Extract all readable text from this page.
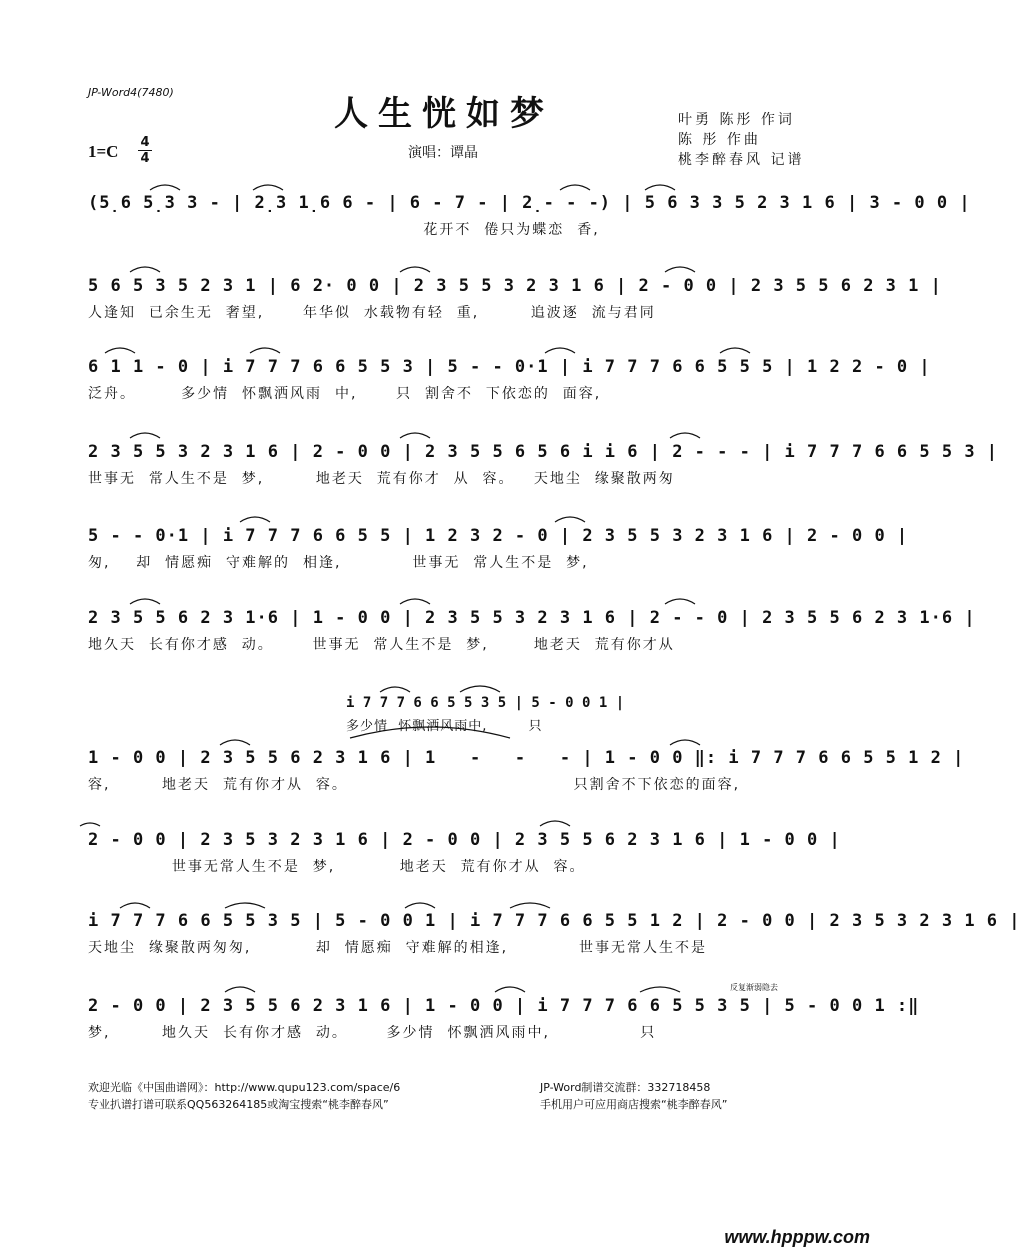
JP-Word4(7480)
人生恍如梦
1=C 4
4	演唱：谭晶
叶勇 陈彤 作词
陈 彤 作曲
桃李醉春风 记谱
(5̣6 5̣3 3 - | 2̣3 1̣6 6 - | 6 - 7 - | 2̣- - -) | 5 6 3 3 5 2 3 1 6 | 3 - 0 0 |
花开不  倦只为蝶恋  香,
5 6 5 3 5 2 3 1 | 6 2· 0 0 | 2 3 5 5 3 2 3 1 6 | 2 - 0 0 | 2 3 5 5 6 2 3 1 |
人逢知  已余生无  奢望,      年华似  水载物有轻  重,        追波逐  流与君同
6 1 1 - 0 | i 7 7 7 6 6 5 5 3 | 5 - - 0·1 | i 7 7 7 6 6 5 5 5 | 1 2 2 - 0 |
泛舟。       多少情  怀飘洒风雨  中,      只  割舍不  下依恋的  面容,
2 3 5 5 3 2 3 1 6 | 2 - 0 0 | 2 3 5 5 6 5 6 i i 6 | 2 - - - | i 7 7 7 6 6 5 5 3 |
世事无  常人生不是  梦,        地老天  荒有你才  从  容。   天地尘  缘聚散两匆
5 - - 0·1 | i 7 7 7 6 6 5 5 | 1 2 3 2 - 0 | 2 3 5 5 3 2 3 1 6 | 2 - 0 0 |
匆,    却  情愿痴  守难解的  相逢,           世事无  常人生不是  梦,
2 3 5 5 6 2 3 1·6 | 1 - 0 0 | 2 3 5 5 3 2 3 1 6 | 2 - - 0 | 2 3 5 5 6 2 3 1·6 |
地久天  长有你才感  动。      世事无  常人生不是  梦,       地老天  荒有你才从
i 7 7 7 6 6 5 5 3 5 | 5 - 0 0 1 |
多少情  怀飘洒风雨中,        只
1 - 0 0 | 2 3 5 5 6 2 3 1 6 | 1   -   -   - | 1 - 0 0 ‖: i 7 7 7 6 6 5 5 1 2 |
容,        地老天  荒有你才从  容。                                   只割舍不下依恋的面容,
2 - 0 0 | 2 3 5 3 2 3 1 6 | 2 - 0 0 | 2 3 5 5 6 2 3 1 6 | 1 - 0 0 |
世事无常人生不是  梦,          地老天  荒有你才从  容。
i 7 7 7 6 6 5 5 3 5 | 5 - 0 0 1 | i 7 7 7 6 6 5 5 1 2 | 2 - 0 0 | 2 3 5 3 2 3 1 6 |
天地尘  缘聚散两匆匆,          却  情愿痴  守难解的相逢,           世事无常人生不是
反复渐弱隐去
2 - 0 0 | 2 3 5 5 6 2 3 1 6 | 1 - 0 0 | i 7 7 7 6 6 5 5 3 5 | 5 - 0 0 1 :‖
梦,        地久天  长有你才感  动。      多少情  怀飘洒风雨中,              只
欢迎光临《中国曲谱网》：http://www.qupu123.com/space/6
专业扒谱打谱可联系QQ563264185或淘宝搜索“桃李醉春风”
JP-Word制谱交流群：332718458
手机用户可应用商店搜索“桃李醉春风”
www.hpppw.com
